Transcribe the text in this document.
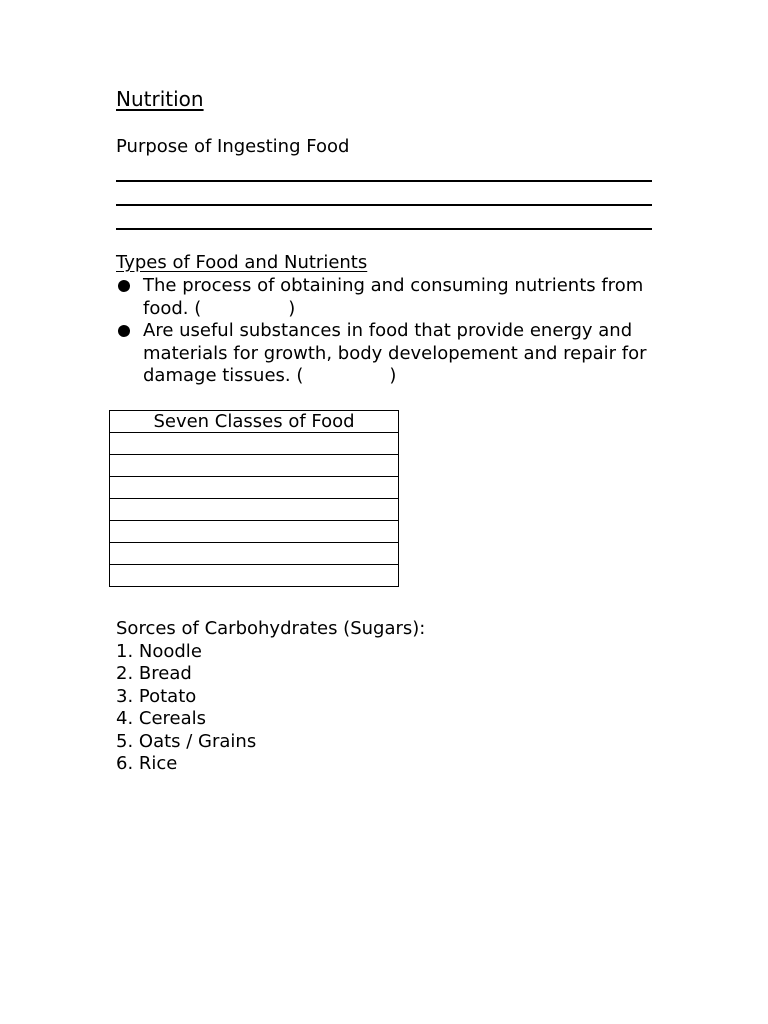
Nutrition

Purpose of Ingesting Food

Types of Food and Nutrients

The process of obtaining and consuming nutrients from food. (	)
Are useful substances in food that provide energy and materials for growth, body developement and repair for damage tissues. (	)
Seven Classes of Food

Sorces of Carbohydrates (Sugars):

1. Noodle
2. Bread
3. Potato
4. Cereals
5. Oats / Grains
6. Rice
